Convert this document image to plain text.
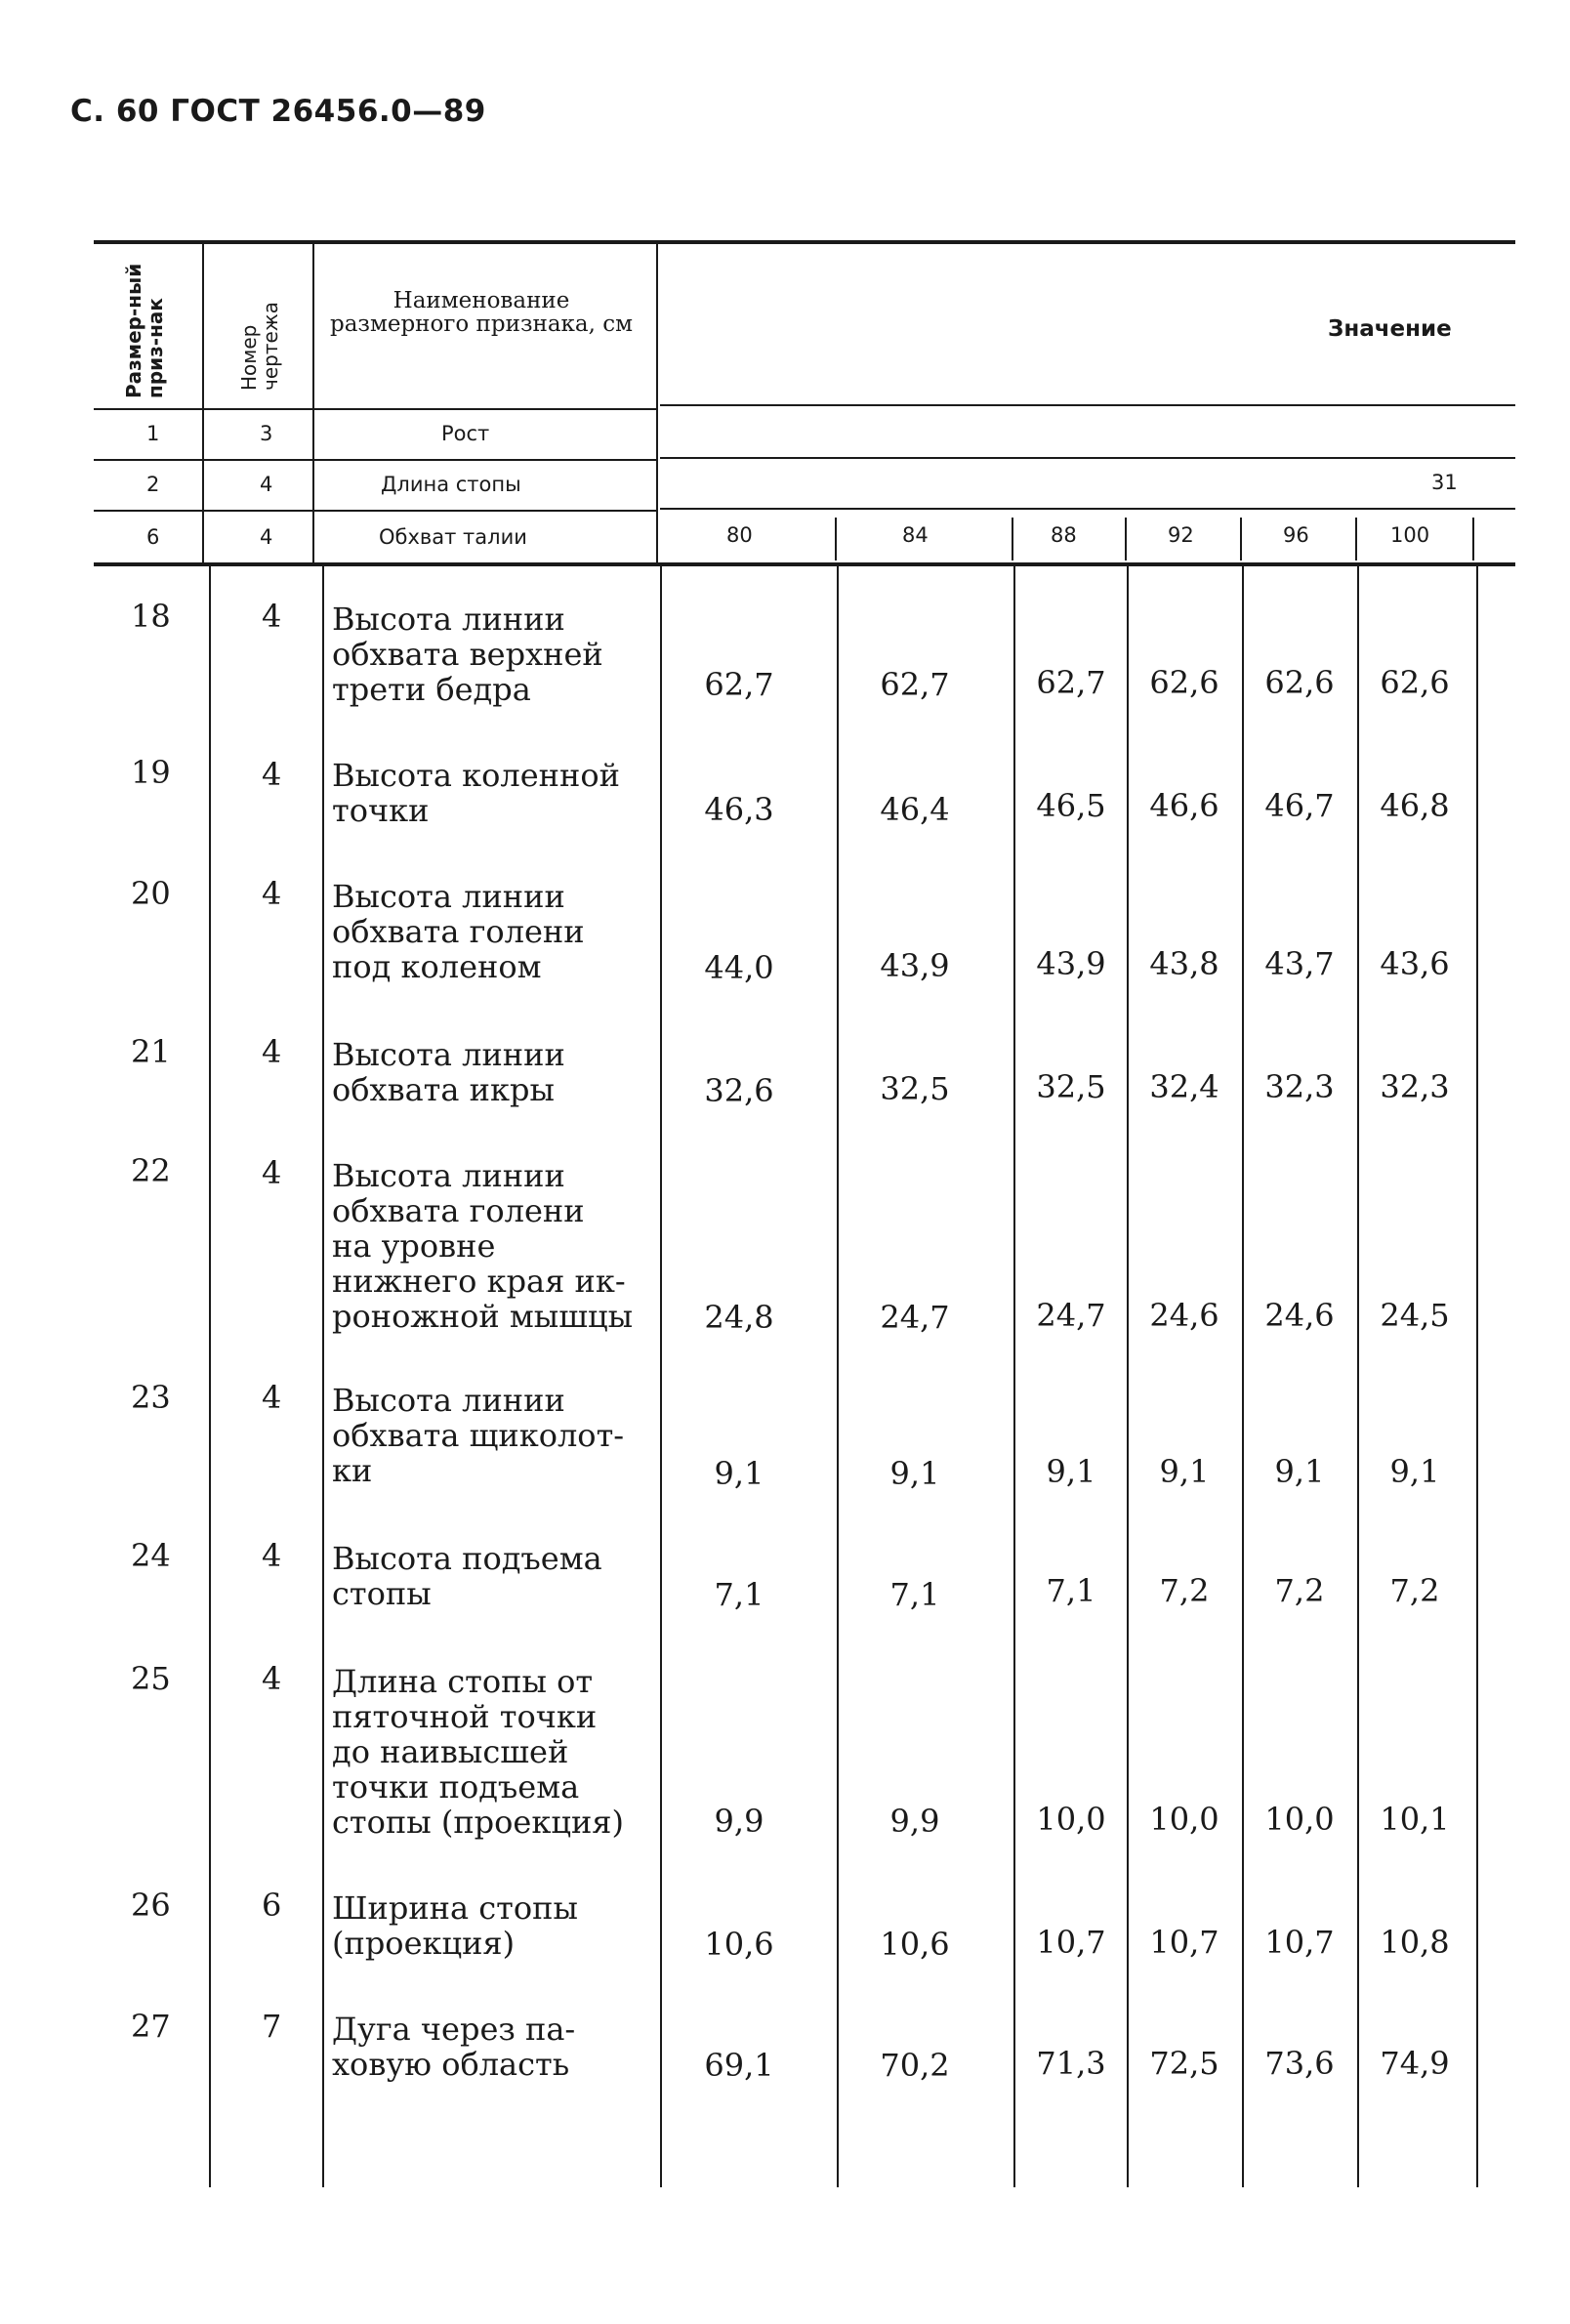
С. 60 ГОСТ 26456.0—89
Размер-ный приз-нак	Номер чертежа
Наименование размерного признака, см	Значение
1	3	Рост
2	4	Длина стопы	31
6	4	Обхват талии	80	84	88	92	96	100
18	4 Высота линии
обхвата верхней
трети бедра	62,7	62,7	62,7	62,6	62,6	62,6
19	4 Высота коленной
точки	46,3	46,4	46,5	46,6	46,7	46,8
20	4 Высота линии
обхвата голени
под коленом	44,0	43,9	43,9	43,8	43,7	43,6
21	4 Высота линии
обхвата икры	32,6	32,5	32,5	32,4	32,3	32,3
22	4 Высота линии
обхвата голени
на уровне
нижнего края ик-
роножной мышцы	24,8	24,7	24,7	24,6	24,6	24,5
23	4 Высота линии
обхвата щиколот-
ки	9,1	9,1	9,1	9,1	9,1	9,1
24	4 Высота подъема
стопы	7,1	7,1	7,1	7,2	7,2	7,2
25	4 Длина стопы от
пяточной точки
до наивысшей
точки подъема
стопы (проекция)	9,9	9,9	10,0	10,0	10,0	10,1
26	6 Ширина стопы
(проекция)	10,6	10,6	10,7	10,7	10,7	10,8
27	7 Дуга через па-
ховую область	69,1	70,2	71,3	72,5	73,6	74,9
